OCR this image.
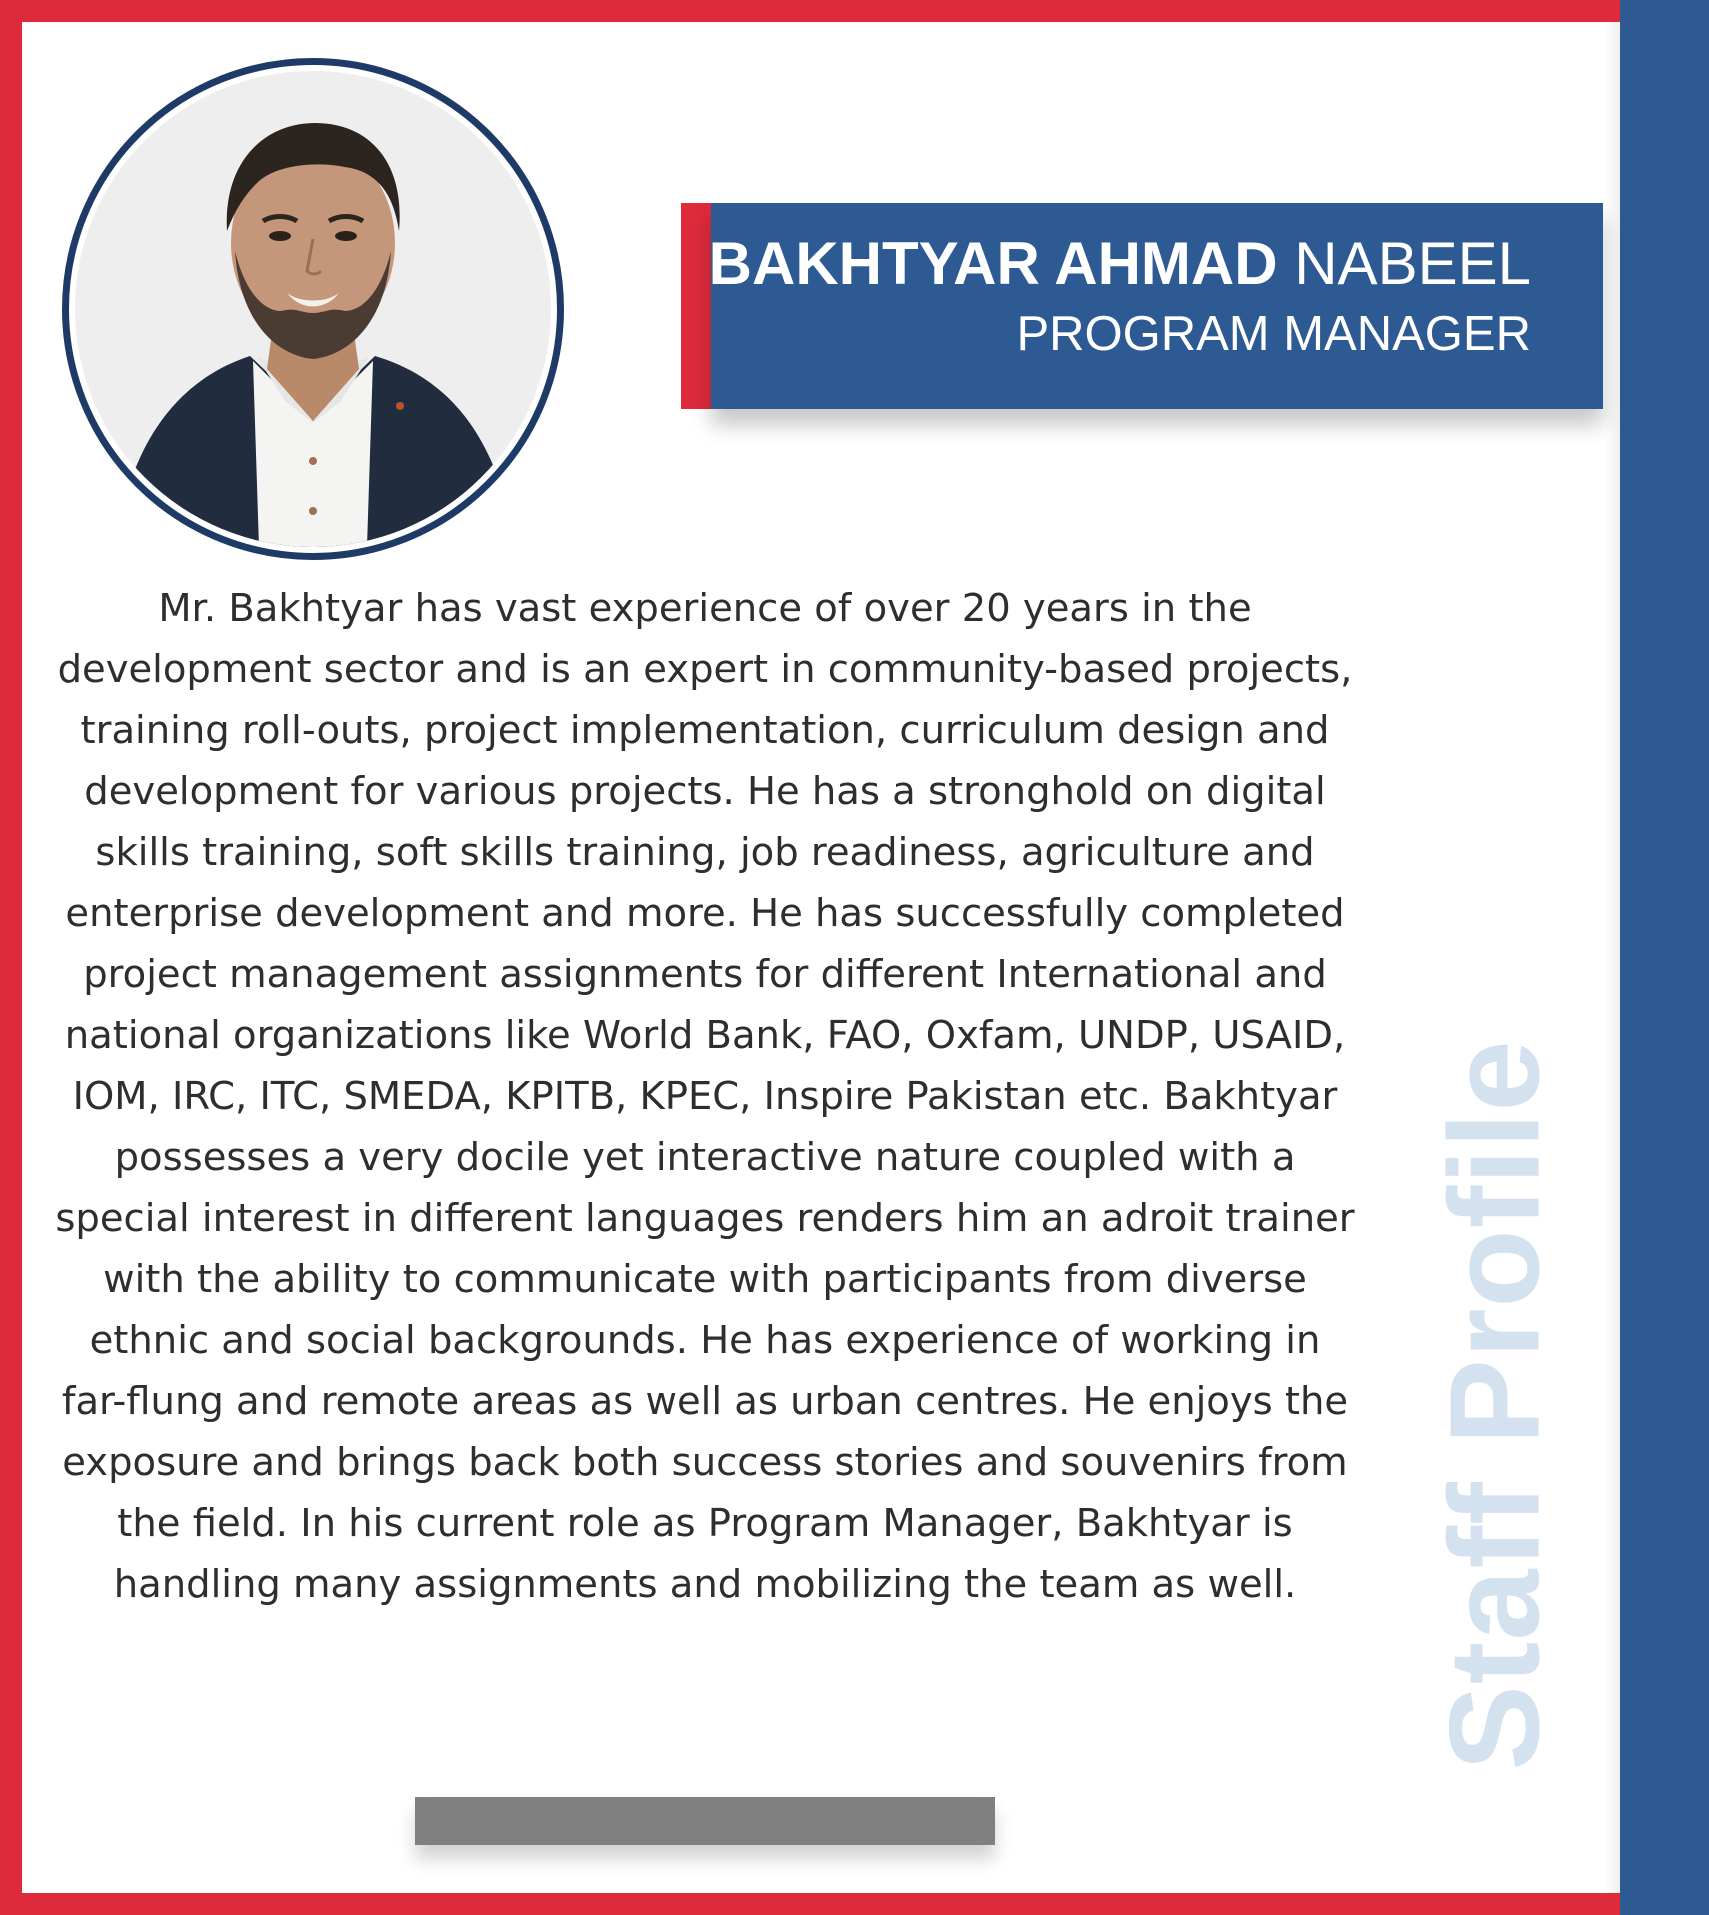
Staff Profile
BAKHTYAR AHMAD NABEEL
PROGRAM MANAGER

Mr. Bakhtyar has vast experience of over 20 years in the development sector and is an expert in community-based projects, training roll-outs, project implementation, curriculum design and development for various projects. He has a stronghold on digital skills training, soft skills training, job readiness, agriculture and enterprise development and more. He has successfully completed project management assignments for different International and national organizations like World Bank, FAO, Oxfam, UNDP, USAID, IOM, IRC, ITC, SMEDA, KPITB, KPEC, Inspire Pakistan etc. Bakhtyar possesses a very docile yet interactive nature coupled with a special interest in different languages renders him an adroit trainer with the ability to communicate with participants from diverse ethnic and social backgrounds. He has experience of working in far-flung and remote areas as well as urban centres. He enjoys the exposure and brings back both success stories and souvenirs from the field. In his current role as Program Manager, Bakhtyar is handling many assignments and mobilizing the team as well.
